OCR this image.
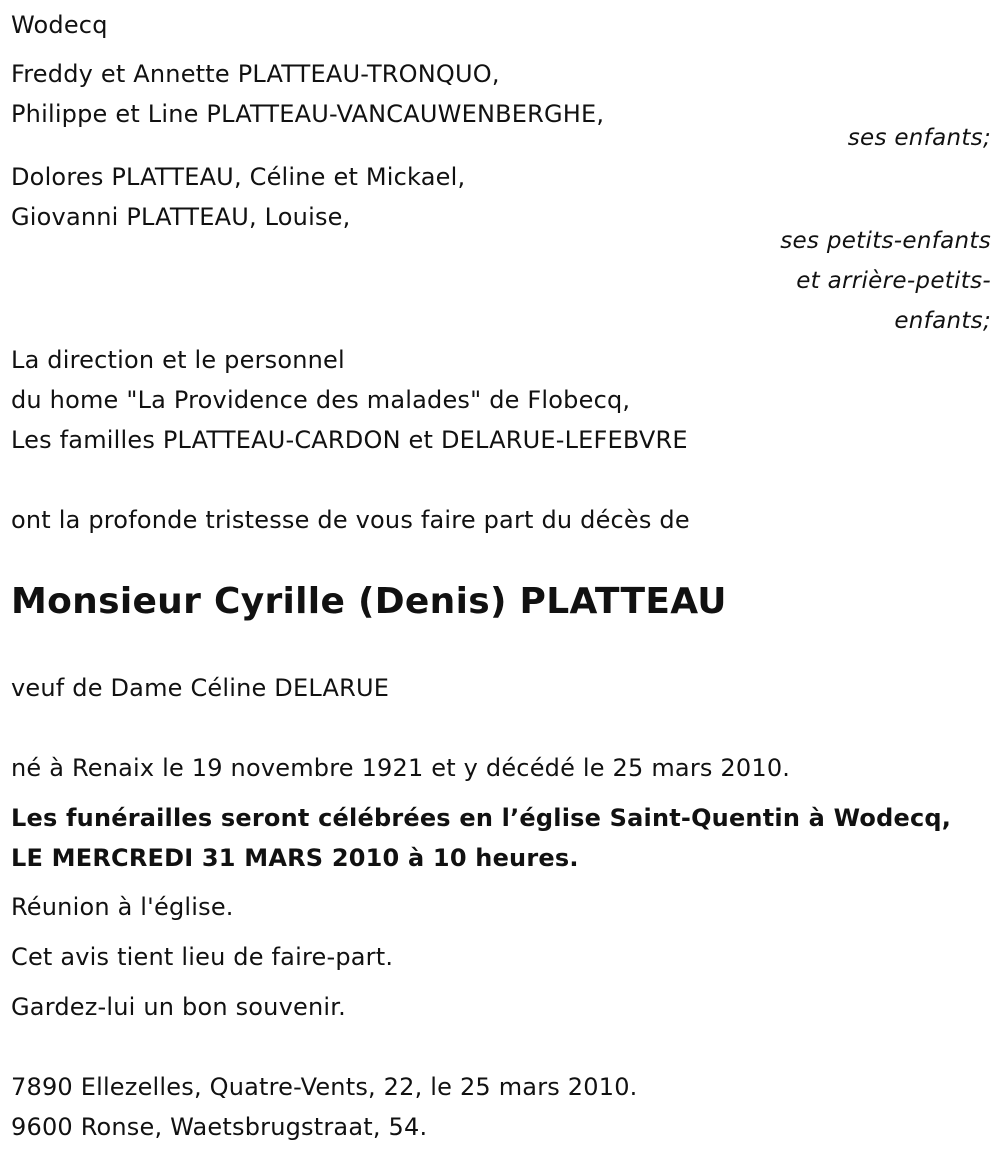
Wodecq
Freddy et Annette PLATTEAU-TRONQUO,
Philippe et Line PLATTEAU-VANCAUWENBERGHE,
ses enfants;
Dolores PLATTEAU, Céline et Mickael,
Giovanni PLATTEAU, Louise,
ses petits-enfants
et arrière-petits-
enfants;
La direction et le personnel
du home "La Providence des malades" de Flobecq,
Les familles PLATTEAU-CARDON et DELARUE-LEFEBVRE
ont la profonde tristesse de vous faire part du décès de
Monsieur Cyrille (Denis) PLATTEAU
veuf de Dame Céline DELARUE
né à Renaix le 19 novembre 1921 et y décédé le 25 mars 2010.
Les funérailles seront célébrées en l’église Saint-Quentin à Wodecq,
LE MERCREDI 31 MARS 2010 à 10 heures.
Réunion à l'église.
Cet avis tient lieu de faire-part.
Gardez-lui un bon souvenir.
7890 Ellezelles, Quatre-Vents, 22, le 25 mars 2010.
9600 Ronse, Waetsbrugstraat, 54.
